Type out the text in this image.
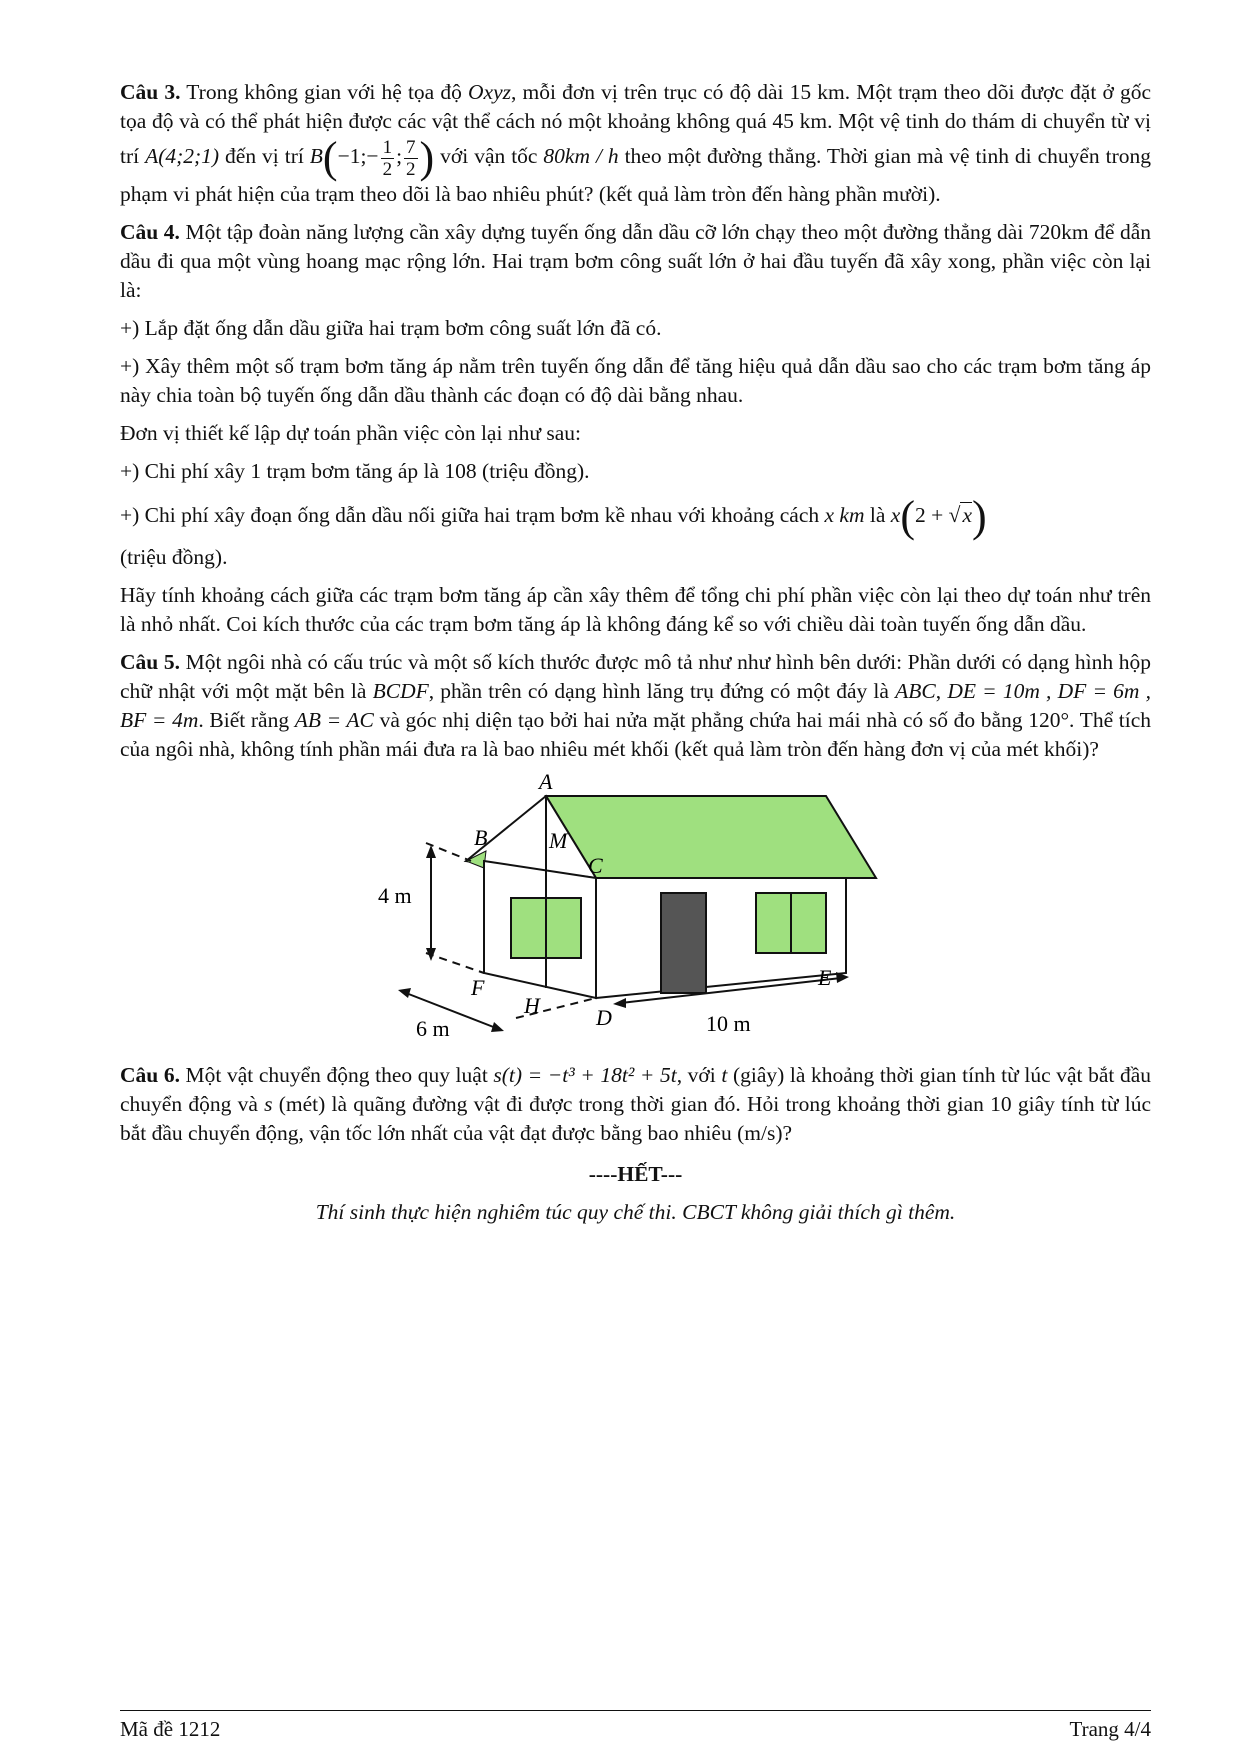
Câu 3. Trong không gian với hệ tọa độ Oxyz, mỗi đơn vị trên trục có độ dài 15 km. Một trạm theo dõi được đặt ở gốc tọa độ và có thể phát hiện được các vật thể cách nó một khoảng không quá 45 km. Một vệ tinh do thám di chuyển từ vị trí A(4;2;1) đến vị trí B(−1;− $\frac{1}{2}$ ; $\frac{7}{2}$ ) với vận tốc 80km / h theo một đường thẳng. Thời gian mà vệ tinh di chuyển trong phạm vi phát hiện của trạm theo dõi là bao nhiêu phút? (kết quả làm tròn đến hàng phần mười).

Câu 4. Một tập đoàn năng lượng cần xây dựng tuyến ống dẫn dầu cỡ lớn chạy theo một đường thẳng dài 720km để dẫn dầu đi qua một vùng hoang mạc rộng lớn. Hai trạm bơm công suất lớn ở hai đầu tuyến đã xây xong, phần việc còn lại là:

+) Lắp đặt ống dẫn dầu giữa hai trạm bơm công suất lớn đã có.

+) Xây thêm một số trạm bơm tăng áp nằm trên tuyến ống dẫn để tăng hiệu quả dẫn dầu sao cho các trạm bơm tăng áp này chia toàn bộ tuyến ống dẫn dầu thành các đoạn có độ dài bằng nhau.

Đơn vị thiết kế lập dự toán phần việc còn lại như sau:

+) Chi phí xây 1 trạm bơm tăng áp là 108 (triệu đồng).

+) Chi phí xây đoạn ống dẫn dầu nối giữa hai trạm bơm kề nhau với khoảng cách x km là x(2 + √x)

(triệu đồng).

Hãy tính khoảng cách giữa các trạm bơm tăng áp cần xây thêm để tổng chi phí phần việc còn lại theo dự toán như trên là nhỏ nhất. Coi kích thước của các trạm bơm tăng áp là không đáng kể so với chiều dài toàn tuyến ống dẫn dầu.

Câu 5. Một ngôi nhà có cấu trúc và một số kích thước được mô tả như như hình bên dưới: Phần dưới có dạng hình hộp chữ nhật với một mặt bên là BCDF, phần trên có dạng hình lăng trụ đứng có một đáy là ABC, DE = 10m , DF = 6m , BF = 4m. Biết rằng AB = AC và góc nhị diện tạo bởi hai nửa mặt phẳng chứa hai mái nhà có số đo bằng 120°. Thể tích của ngôi nhà, không tính phần mái đưa ra là bao nhiêu mét khối (kết quả làm tròn đến hàng đơn vị của mét khối)?

A
B
C
D
E
F
H
M
4 m
6 m	10 m

Câu 6. Một vật chuyển động theo quy luật s(t) = −t³ + 18t² + 5t, với t (giây) là khoảng thời gian tính từ lúc vật bắt đầu chuyển động và s (mét) là quãng đường vật đi được trong thời gian đó. Hỏi trong khoảng thời gian 10 giây tính từ lúc bắt đầu chuyển động, vận tốc lớn nhất của vật đạt được bằng bao nhiêu (m/s)?

----HẾT---

Thí sinh thực hiện nghiêm túc quy chế thi. CBCT không giải thích gì thêm.

Mã đề 1212	Trang 4/4
